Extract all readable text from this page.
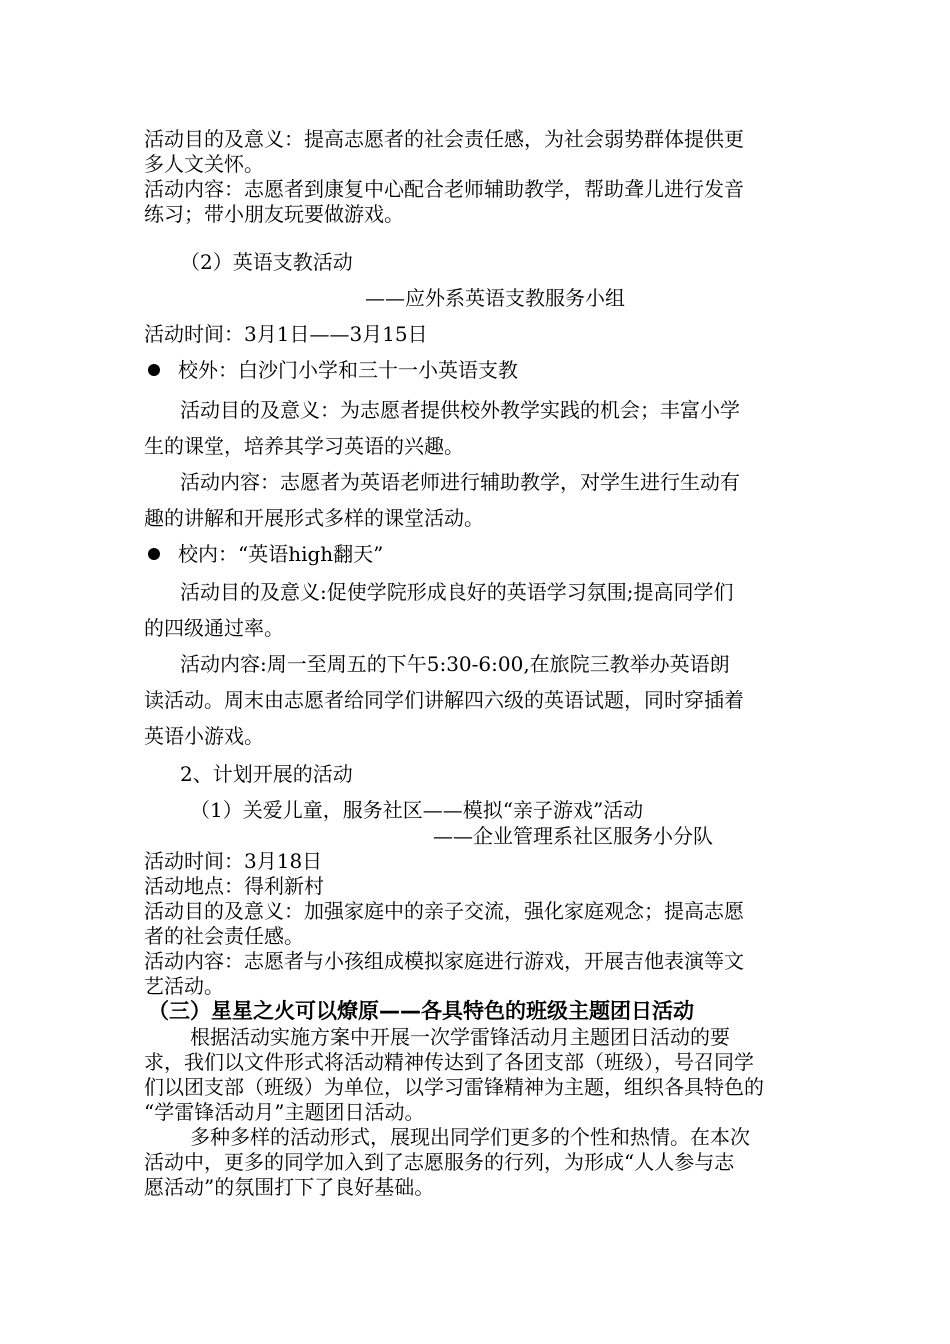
活动目的及意义：提高志愿者的社会责任感，为社会弱势群体提供更
多人文关怀。
活动内容：志愿者到康复中心配合老师辅助教学，帮助聋儿进行发音
练习；带小朋友玩要做游戏。
（2）英语支教活动
——应外系英语支教服务小组
活动时间：3月1日——3月15日
校外：白沙门小学和三十一小英语支教
活动目的及意义：为志愿者提供校外教学实践的机会；丰富小学
生的课堂，培养其学习英语的兴趣。
活动内容：志愿者为英语老师进行辅助教学，对学生进行生动有
趣的讲解和开展形式多样的课堂活动。
校内：“英语high翻天”
活动目的及意义:促使学院形成良好的英语学习氛围;提高同学们
的四级通过率。
活动内容:周一至周五的下午5:30-6:00,在旅院三教举办英语朗
读活动。周末由志愿者给同学们讲解四六级的英语试题，同时穿插着
英语小游戏。
2、计划开展的活动
（1）关爱儿童，服务社区——模拟“亲子游戏”活动
——企业管理系社区服务小分队
活动时间：3月18日
活动地点：得利新村
活动目的及意义：加强家庭中的亲子交流，强化家庭观念；提高志愿
者的社会责任感。
活动内容：志愿者与小孩组成模拟家庭进行游戏，开展吉他表演等文
艺活动。
（三）星星之火可以燎原——各具特色的班级主题团日活动
根据活动实施方案中开展一次学雷锋活动月主题团日活动的要
求，我们以文件形式将活动精神传达到了各团支部（班级），号召同学
们以团支部（班级）为单位，以学习雷锋精神为主题，组织各具特色的
“学雷锋活动月”主题团日活动。
多种多样的活动形式，展现出同学们更多的个性和热情。在本次
活动中，更多的同学加入到了志愿服务的行列，为形成“人人参与志
愿活动”的氛围打下了良好基础。
